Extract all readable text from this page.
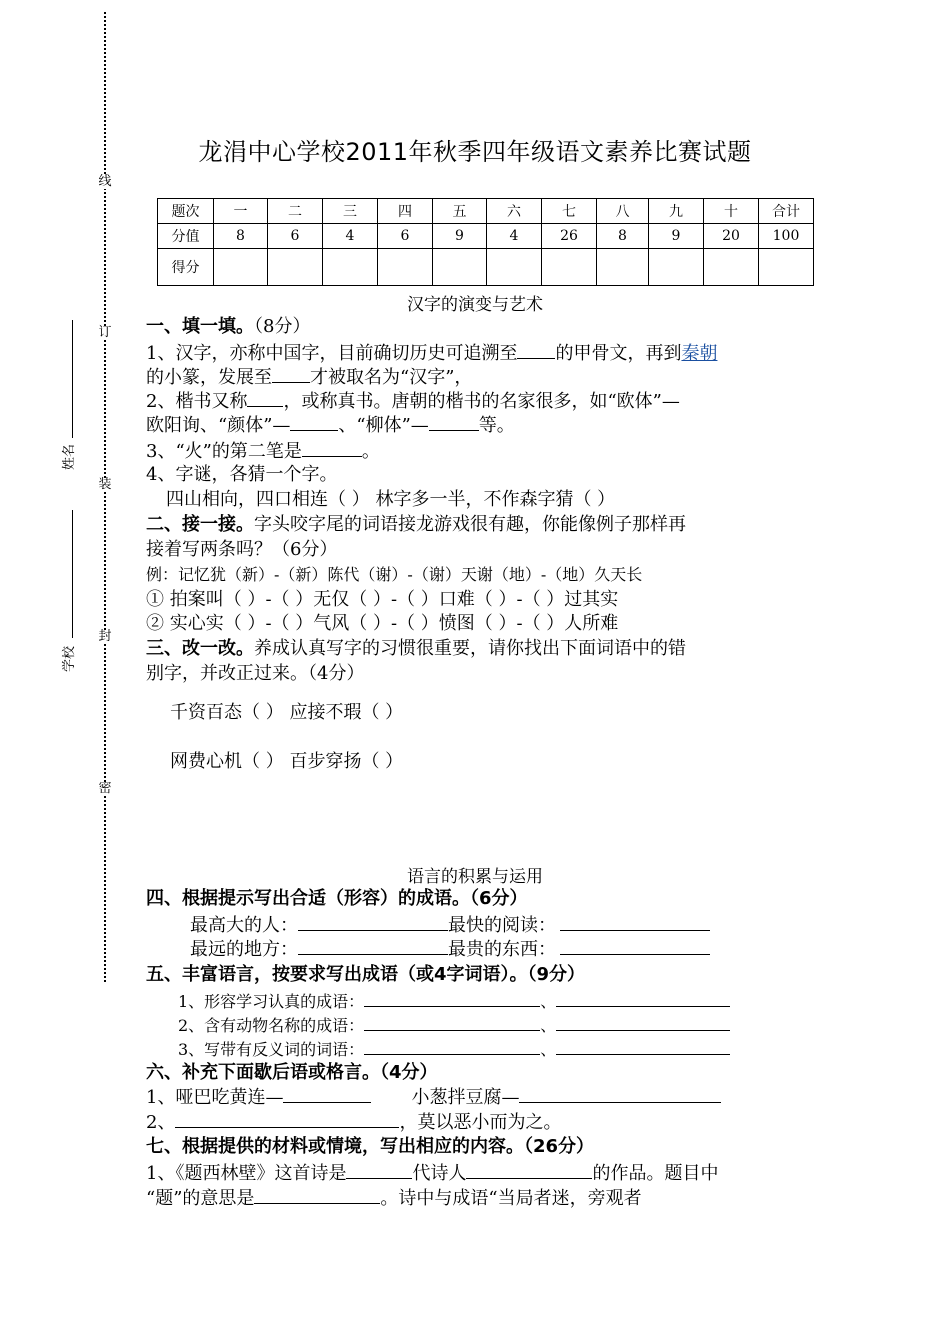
线
订
装
封
密
姓名
学校
龙涓中心学校2011年秋季四年级语文素养比赛试题
题次	一	二	三	四	五	六	七	八	九	十	合计
分值	8	6	4	6	9	4	26	8	9	20	100
得分											
汉字的演变与艺术
一、填一填。（8分）
1、汉字，亦称中国字，目前确切历史可追溯至 的甲骨文，再到秦朝
的小篆，发展至 才被取名为“汉字”，
2、楷书又称 ，或称真书。唐朝的楷书的名家很多，如“欧体”—
欧阳询、“颜体”—	、“柳体”—	等。
3、“火”的第二笔是	。
4、字谜，各猜一个字。
四山相向，四口相连（ ） 林字多一半，不作森字猜（ ）
二、接一接。字头咬字尾的词语接龙游戏很有趣，你能像例子那样再
接着写两条吗？（6分）
例：记忆犹（新）-（新）陈代（谢）-（谢）天谢（地）-（地）久天长
① 拍案叫（ ）-（ ）无仅（ ）-（ ）口难（ ）-（ ）过其实
② 实心实（ ）-（ ）气风（ ）-（ ）愤图（ ）-（ ）人所难
三、改一改。养成认真写字的习惯很重要，请你找出下面词语中的错
别字，并改正过来。（4分）
千资百态（ ） 应接不瑕（ ）
网费心机（ ） 百步穿扬（ ）
语言的积累与运用
四、根据提示写出合适（形容）的成语。（6分）
最高大的人：	最快的阅读：
最远的地方：	最贵的东西：
五、丰富语言，按要求写出成语（或4字词语）。（9分）
1、形容学习认真的成语：	、
2、含有动物名称的成语：	、
3、写带有反义词的词语：	、
六、补充下面歇后语或格言。（4分）
1、哑巴吃黄连—	小葱拌豆腐—
2、	，莫以恶小而为之。
七、根据提供的材料或情境，写出相应的内容。（26分）
1、《题西林壁》这首诗是	代诗人	的作品。题目中
“题”的意思是	。诗中与成语“当局者迷，旁观者
